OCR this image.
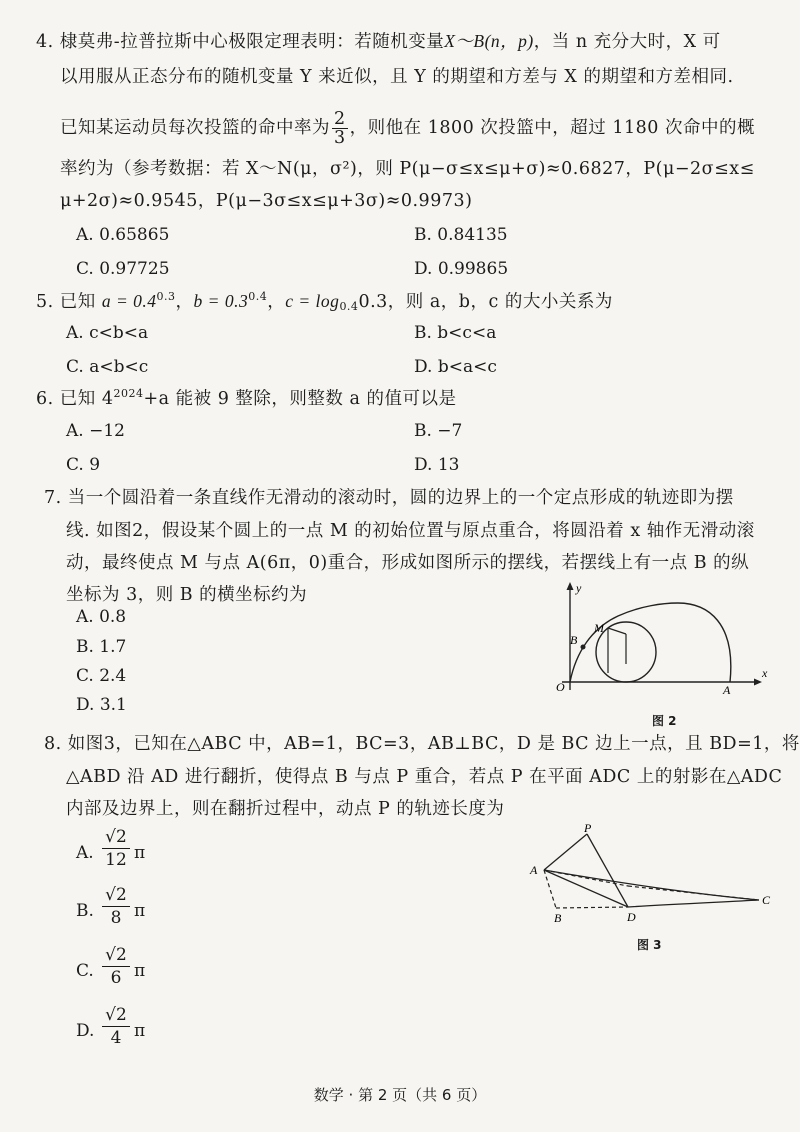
4. 棣莫弗-拉普拉斯中心极限定理表明：若随机变量X～B(n，p)，当 n 充分大时，X 可
以用服从正态分布的随机变量 Y 来近似，且 Y 的期望和方差与 X 的期望和方差相同.
已知某运动员每次投篮的命中率为 $\frac{2}{3}$ ，则他在 1800 次投篮中，超过 1180 次命中的概
率约为（参考数据：若 X～N(μ，σ²)，则 P(μ−σ≤x≤μ+σ)≈0.6827，P(μ−2σ≤x≤
μ+2σ)≈0.9545，P(μ−3σ≤x≤μ+3σ)≈0.9973)
A. 0.65865	B. 0.84135
C. 0.97725	D. 0.99865
5. 已知 $a = 0.4^{0.3}$，$b = 0.3^{0.4}$，$c = \log_{0.4}0.3$，则 a，b，c 的大小关系为
A. c<b<a	B. b<c<a
C. a<b<c	D. b<a<c
6. 已知 $4^{2024}+a$ 能被 9 整除，则整数 a 的值可以是
A. −12	B. −7
C. 9	D. 13
7. 当一个圆沿着一条直线作无滑动的滚动时，圆的边界上的一个定点形成的轨迹即为摆
线. 如图2，假设某个圆上的一点 M 的初始位置与原点重合，将圆沿着 x 轴作无滑动滚
动，最终使点 M 与点 A(6π，0)重合，形成如图所示的摆线，若摆线上有一点 B 的纵
坐标为 3，则 B 的横坐标约为
A. 0.8
B. 1.7
C. 2.4
D. 3.1
y
x
O	A
B
M
图 2
8. 如图3，已知在△ABC 中，AB=1，BC=3，AB⊥BC，D 是 BC 边上一点，且 BD=1，将
△ABD 沿 AD 进行翻折，使得点 B 与点 P 重合，若点 P 在平面 ADC 上的射影在△ADC
内部及边界上，则在翻折过程中，动点 P 的轨迹长度为
A. $\frac{√2}{12}$ π
B. $\frac{√2}{8}$ π
C. $\frac{√2}{6}$ π
D. $\frac{√2}{4}$ π
P
A
B	D
C
图 3
数学 · 第 2 页（共 6 页）
